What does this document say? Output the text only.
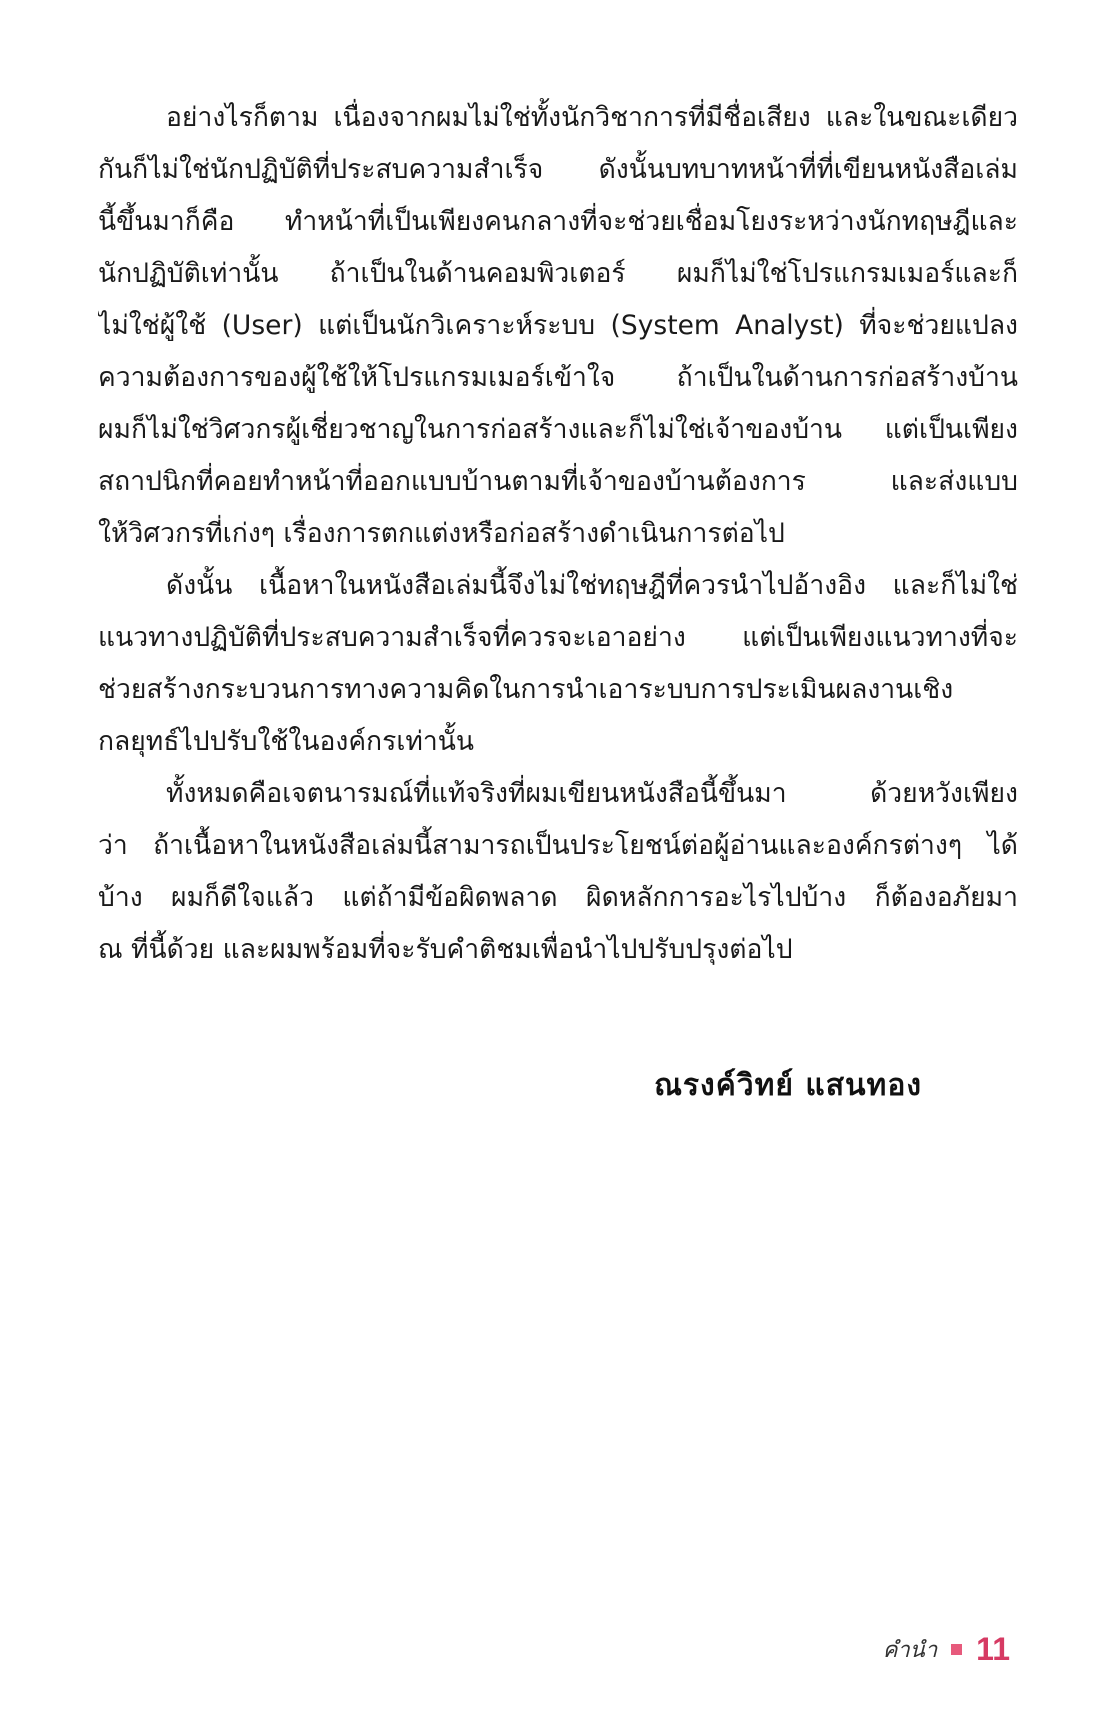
อย่างไรก็ตาม เนื่องจากผมไม่ใช่ทั้งนักวิชาการที่มีชื่อเสียง และในขณะเดียว
กันก็ไม่ใช่นักปฏิบัติที่ประสบความสำเร็จ ดังนั้นบทบาทหน้าที่ที่เขียนหนังสือเล่ม
นี้ขึ้นมาก็คือ ทำหน้าที่เป็นเพียงคนกลางที่จะช่วยเชื่อมโยงระหว่างนักทฤษฎีและ
นักปฏิบัติเท่านั้น ถ้าเป็นในด้านคอมพิวเตอร์ ผมก็ไม่ใช่โปรแกรมเมอร์และก็
ไม่ใช่ผู้ใช้ (User) แต่เป็นนักวิเคราะห์ระบบ (System Analyst) ที่จะช่วยแปลง
ความต้องการของผู้ใช้ให้โปรแกรมเมอร์เข้าใจ ถ้าเป็นในด้านการก่อสร้างบ้าน
ผมก็ไม่ใช่วิศวกรผู้เชี่ยวชาญในการก่อสร้างและก็ไม่ใช่เจ้าของบ้าน แต่เป็นเพียง
สถาปนิกที่คอยทำหน้าที่ออกแบบบ้านตามที่เจ้าของบ้านต้องการ และส่งแบบ
ให้วิศวกรที่เก่งๆ เรื่องการตกแต่งหรือก่อสร้างดำเนินการต่อไป
ดังนั้น เนื้อหาในหนังสือเล่มนี้จึงไม่ใช่ทฤษฎีที่ควรนำไปอ้างอิง และก็ไม่ใช่
แนวทางปฏิบัติที่ประสบความสำเร็จที่ควรจะเอาอย่าง แต่เป็นเพียงแนวทางที่จะ
ช่วยสร้างกระบวนการทางความคิดในการนำเอาระบบการประเมินผลงานเชิง
กลยุทธ์ไปปรับใช้ในองค์กรเท่านั้น
ทั้งหมดคือเจตนารมณ์ที่แท้จริงที่ผมเขียนหนังสือนี้ขึ้นมา ด้วยหวังเพียง
ว่า ถ้าเนื้อหาในหนังสือเล่มนี้สามารถเป็นประโยชน์ต่อผู้อ่านและองค์กรต่างๆ ได้
บ้าง ผมก็ดีใจแล้ว แต่ถ้ามีข้อผิดพลาด ผิดหลักการอะไรไปบ้าง ก็ต้องอภัยมา
ณ ที่นี้ด้วย และผมพร้อมที่จะรับคำติชมเพื่อนำไปปรับปรุงต่อไป
ณรงค์วิทย์ แสนทอง
คำนำ 11
